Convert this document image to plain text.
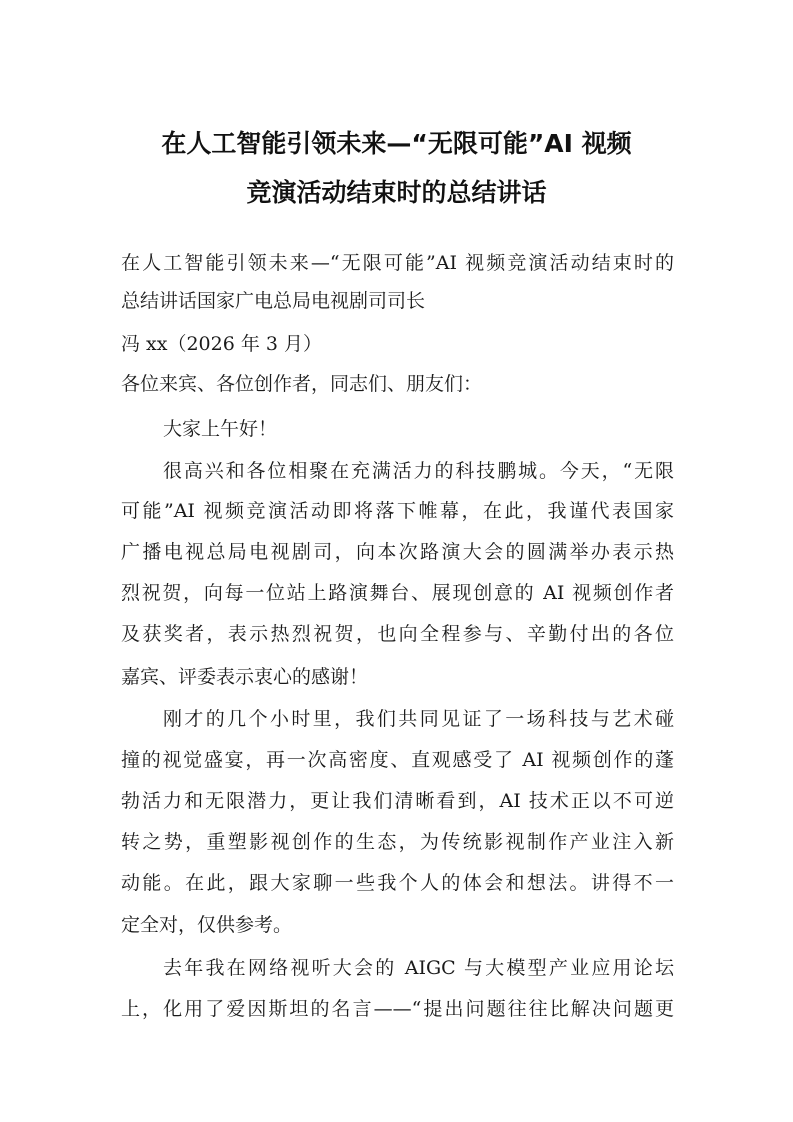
在人工智能引领未来—“无限可能”AI 视频
竞演活动结束时的总结讲话
在人工智能引领未来—“无限可能”AI 视频竞演活动结束时的
总结讲话国家广电总局电视剧司司长
冯 xx（2026 年 3 月）
各位来宾、各位创作者，同志们、朋友们：
大家上午好！
很高兴和各位相聚在充满活力的科技鹏城。今天，“无限
可能”AI 视频竞演活动即将落下帷幕，在此，我谨代表国家
广播电视总局电视剧司，向本次路演大会的圆满举办表示热
烈祝贺，向每一位站上路演舞台、展现创意的 AI 视频创作者
及获奖者，表示热烈祝贺，也向全程参与、辛勤付出的各位
嘉宾、评委表示衷心的感谢！
刚才的几个小时里，我们共同见证了一场科技与艺术碰
撞的视觉盛宴，再一次高密度、直观感受了 AI 视频创作的蓬
勃活力和无限潜力，更让我们清晰看到，AI 技术正以不可逆
转之势，重塑影视创作的生态，为传统影视制作产业注入新
动能。在此，跟大家聊一些我个人的体会和想法。讲得不一
定全对，仅供参考。
去年我在网络视听大会的 AIGC 与大模型产业应用论坛
上，化用了爱因斯坦的名言——“提出问题往往比解决问题更
